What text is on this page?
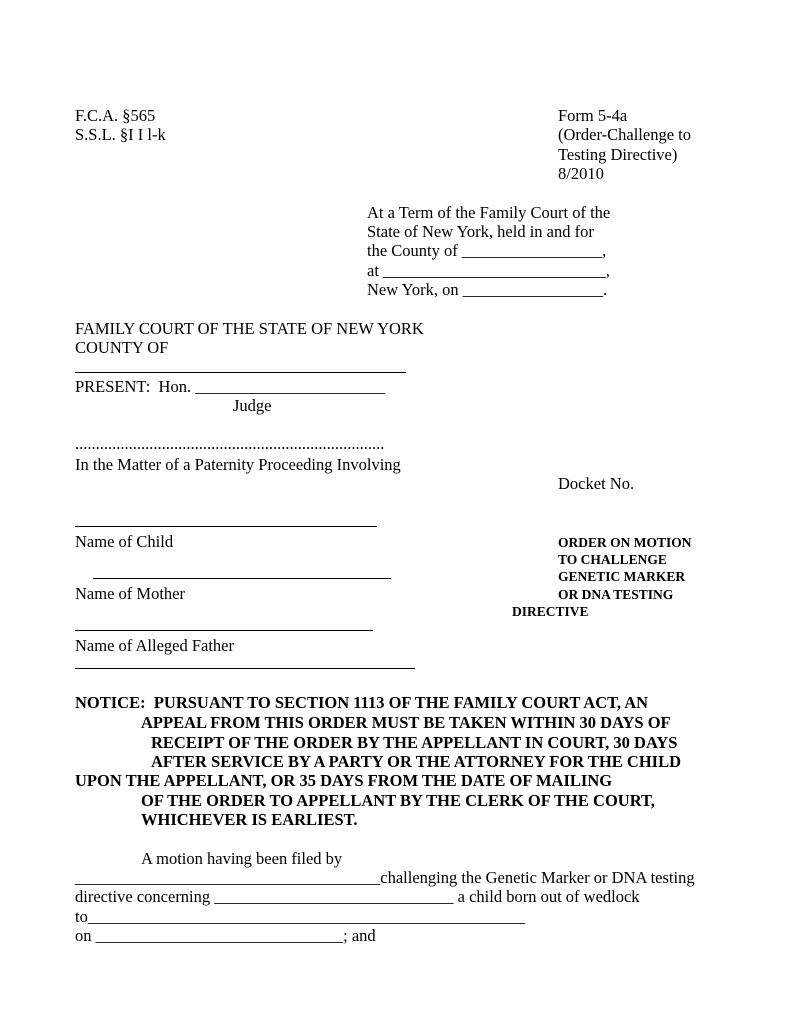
F.C.A. §565

S.S.L. §I I l-k

Form 5-4a

(Order-Challenge to

Testing Directive)

8/2010

At a Term of the Family Court of the

State of New York, held in and for

the County of _________________,

at ___________________________,

New York, on _________________.

FAMILY COURT OF THE STATE OF NEW YORK

COUNTY OF

PRESENT:  Hon. _______________________

Judge

...........................................................................

In the Matter of a Paternity Proceeding Involving

Docket No.

Name of Child

Name of Mother

Name of Alleged Father

ORDER ON MOTION

TO CHALLENGE

GENETIC MARKER

OR DNA TESTING

DIRECTIVE

NOTICE:  PURSUANT TO SECTION 1113 OF THE FAMILY COURT ACT, AN

APPEAL FROM THIS ORDER MUST BE TAKEN WITHIN 30 DAYS OF

RECEIPT OF THE ORDER BY THE APPELLANT IN COURT, 30 DAYS

AFTER SERVICE BY A PARTY OR THE ATTORNEY FOR THE CHILD

UPON THE APPELLANT, OR 35 DAYS FROM THE DATE OF MAILING

OF THE ORDER TO APPELLANT BY THE CLERK OF THE COURT,

WHICHEVER IS EARLIEST.

A motion having been filed by

_____________________________________challenging the Genetic Marker or DNA testing

directive concerning _____________________________ a child born out of wedlock

to_____________________________________________________

on ______________________________; and
